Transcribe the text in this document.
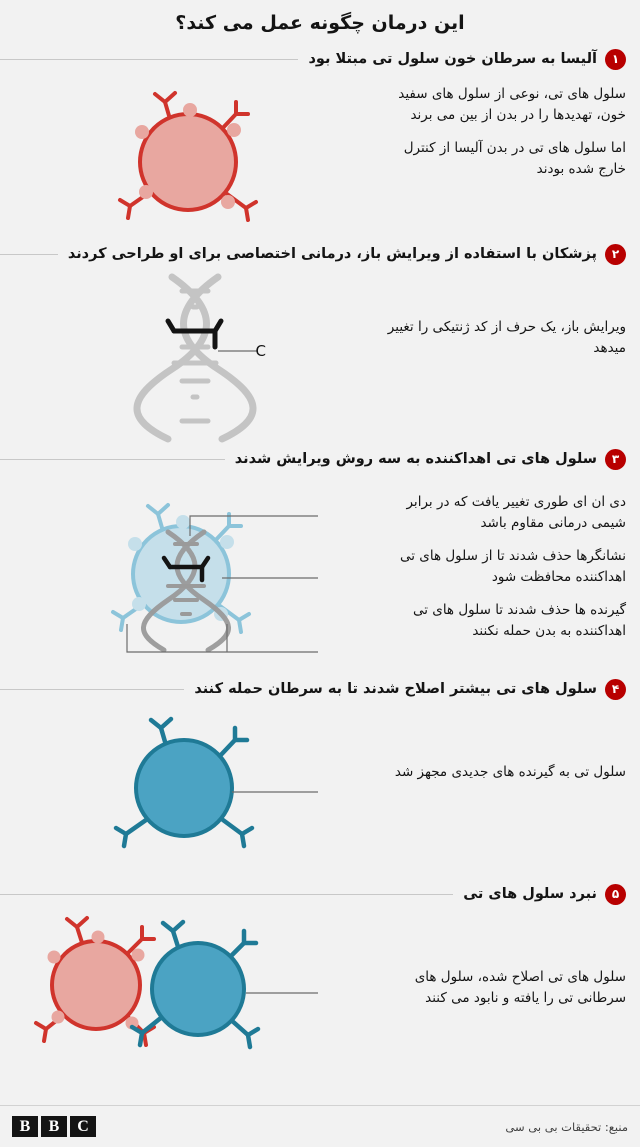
این درمان چگونه عمل می کند؟
۱
آلیسا به سرطان خون سلول تی مبتلا بود
سلول های تی، نوعی از سلول های سفید خون، تهدیدها را در بدن از بین می برند
اما سلول های تی در بدن آلیسا از کنترل خارج شده بودند
۲
پزشکان با استفاده از ویرایش باز، درمانی اختصاصی برای او طراحی کردند
ویرایش باز، یک حرف از کد ژنتیکی را تغییر میدهد
C
۳
سلول های تی اهداکننده به سه روش ویرایش شدند
دی ان ای طوری تغییر یافت که در برابر شیمی درمانی مقاوم باشد
نشانگرها حذف شدند تا از سلول های تی اهداکننده محافظت شود
گیرنده ها حذف شدند تا سلول های تی اهداکننده به بدن حمله نکنند
۴
سلول های تی بیشتر اصلاح شدند تا به سرطان حمله کنند
سلول تی به گیرنده های جدیدی مجهز شد
۵
نبرد سلول های تی
سلول های تی اصلاح شده، سلول های سرطانی تی را یافته و نابود می کنند
منبع: تحقیقات بی بی سی
B	B	C
